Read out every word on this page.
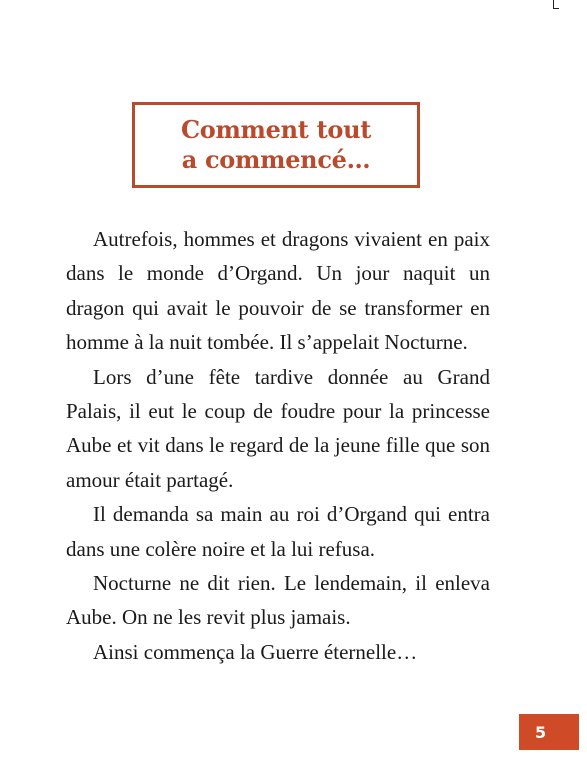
Comment tout
a commencé…

Autrefois, hommes et dragons vivaient en paix dans le monde d’Organd. Un jour naquit un dragon qui avait le pouvoir de se transformer en homme à la nuit tombée. Il s’appelait Nocturne.

Lors d’une fête tardive donnée au Grand Palais, il eut le coup de foudre pour la princesse Aube et vit dans le regard de la jeune fille que son amour était partagé.

Il demanda sa main au roi d’Organd qui entra dans une colère noire et la lui refusa.

Nocturne ne dit rien. Le lendemain, il enleva Aube. On ne les revit plus jamais.

Ainsi commença la Guerre éternelle…

5
